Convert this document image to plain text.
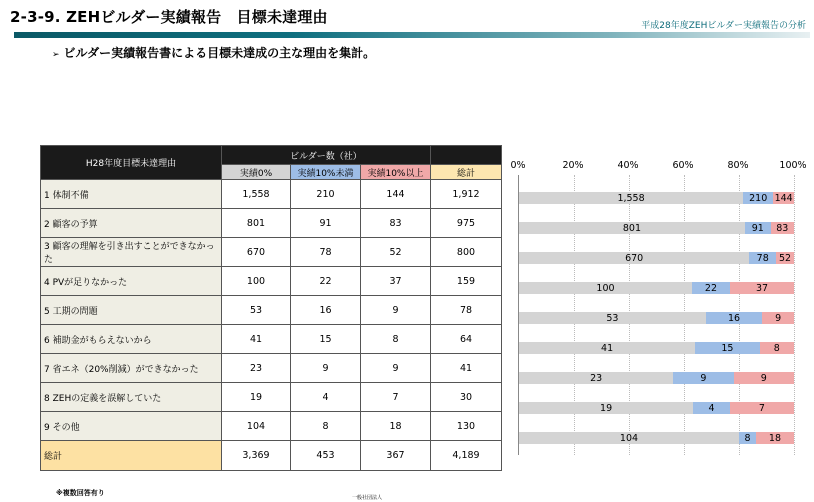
2-3-9. ZEHビルダー実績報告　目標未達理由	平成28年度ZEHビルダー実績報告の分析
➢ ビルダー実績報告書による目標未達成の主な理由を集計。
H28年度目標未達理由	ビルダー数（社）			
	実績0%	実績10%未満	実績10%以上	総計
1 体制不備	1,558	210	144	1,912
2 顧客の予算	801	91	83	975
3 顧客の理解を引き出すことができなかった	670	78	52	800
4 PVが足りなかった	100	22	37	159
5 工期の問題	53	16	9	78
6 補助金がもらえないから	41	15	8	64
7 省エネ（20%削減）ができなかった	23	9	9	41
8 ZEHの定義を誤解していた	19	4	7	30
9 その他	104	8	18	130
総計	3,369	453	367	4,189
0%	20%	40%	60%	80%	100%
1,558	210 144
801	91 83
670	78 52
100	22	37
53	16	9
41	15	8
23	9	9
19	4	7
104	8 18
※複数回答有り
一般社団法人
